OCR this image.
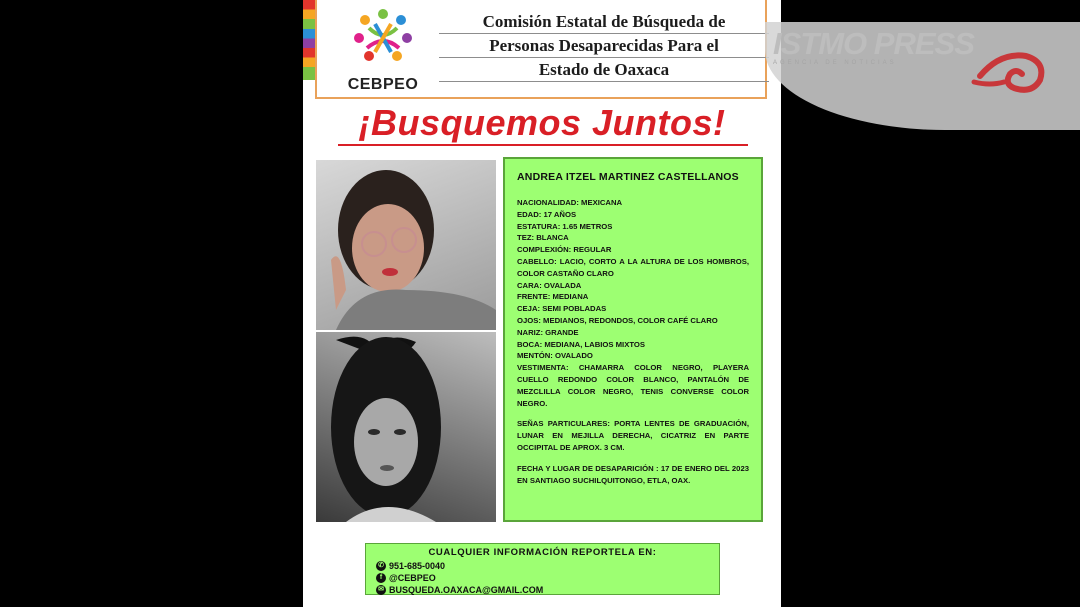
CEBPEO
Comisión Estatal de Búsqueda de
Personas Desaparecidas Para el
Estado de Oaxaca
¡Busquemos Juntos!
ANDREA ITZEL MARTINEZ CASTELLANOS
NACIONALIDAD: MEXICANA
EDAD: 17 AÑOS
ESTATURA: 1.65 METROS
TEZ: BLANCA
COMPLEXIÓN: REGULAR
CABELLO: LACIO, CORTO A LA ALTURA DE LOS HOMBROS, COLOR CASTAÑO CLARO
CARA: OVALADA
FRENTE: MEDIANA
CEJA: SEMI POBLADAS
OJOS: MEDIANOS, REDONDOS, COLOR CAFÉ CLARO
NARIZ: GRANDE
BOCA: MEDIANA, LABIOS MIXTOS
MENTÓN: OVALADO
VESTIMENTA: CHAMARRA COLOR NEGRO, PLAYERA CUELLO REDONDO COLOR BLANCO, PANTALÓN DE MEZCLILLA COLOR NEGRO, TENIS CONVERSE COLOR NEGRO.
SEÑAS PARTICULARES: PORTA LENTES DE GRADUACIÓN, LUNAR EN MEJILLA DERECHA, CICATRIZ EN PARTE OCCIPITAL DE APROX. 3 CM.
FECHA Y LUGAR DE DESAPARICIÓN : 17 DE ENERO DEL 2023 EN SANTIAGO SUCHILQUITONGO, ETLA, OAX.
CUALQUIER INFORMACIÓN REPORTELA EN:
✆ 951-685-0040
f @CEBPEO
✉ BUSQUEDA.OAXACA@GMAIL.COM
ISTMO PRESS
AGENCIA DE NOTICIAS
